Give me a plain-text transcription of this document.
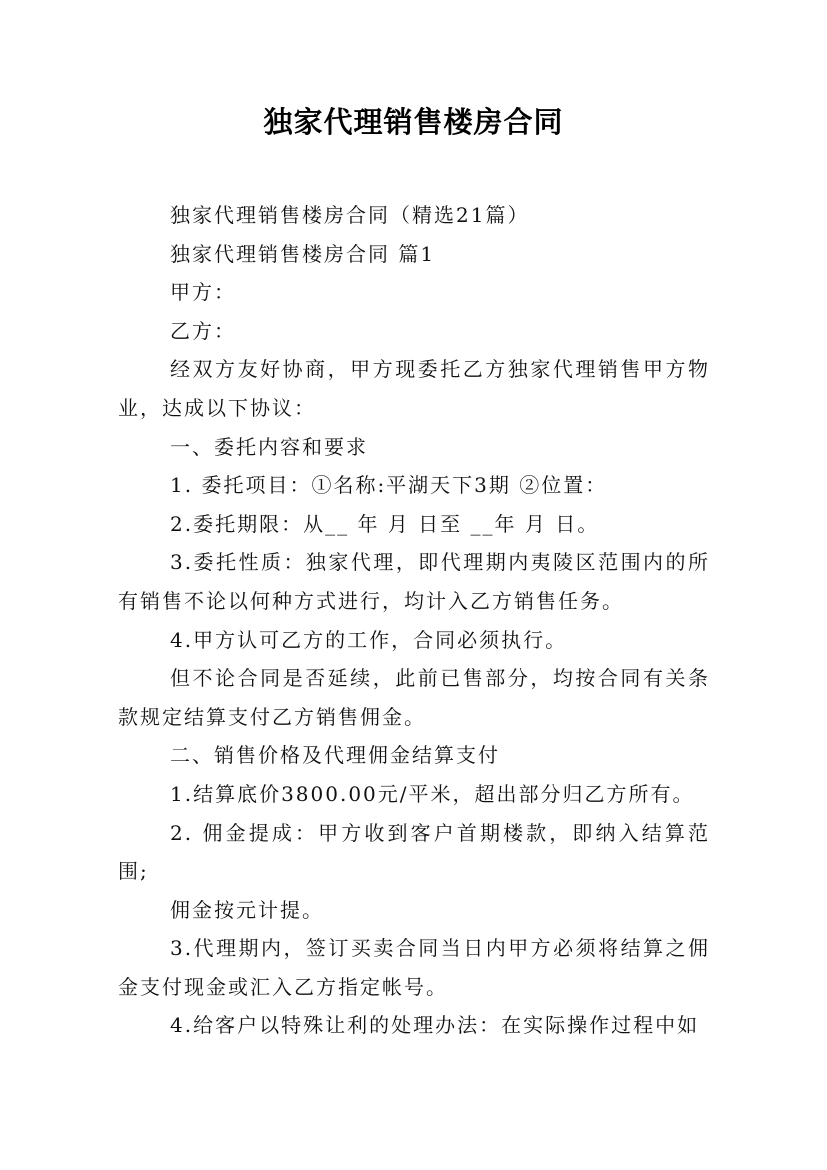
独家代理销售楼房合同

独家代理销售楼房合同（精选21篇）

独家代理销售楼房合同 篇1

甲方：

乙方：

经双方友好协商，甲方现委托乙方独家代理销售甲方物业，达成以下协议：

一、委托内容和要求

1. 委托项目：①名称:平湖天下3期 ②位置：

2.委托期限：从__ 年 月 日至 __年 月 日。

3.委托性质：独家代理，即代理期内夷陵区范围内的所有销售不论以何种方式进行，均计入乙方销售任务。

4.甲方认可乙方的工作，合同必须执行。

但不论合同是否延续，此前已售部分，均按合同有关条款规定结算支付乙方销售佣金。

二、销售价格及代理佣金结算支付

1.结算底价3800.00元/平米，超出部分归乙方所有。

2. 佣金提成：甲方收到客户首期楼款，即纳入结算范围;

佣金按元计提。

3.代理期内，签订买卖合同当日内甲方必须将结算之佣金支付现金或汇入乙方指定帐号。

4.给客户以特殊让利的处理办法：在实际操作过程中如
